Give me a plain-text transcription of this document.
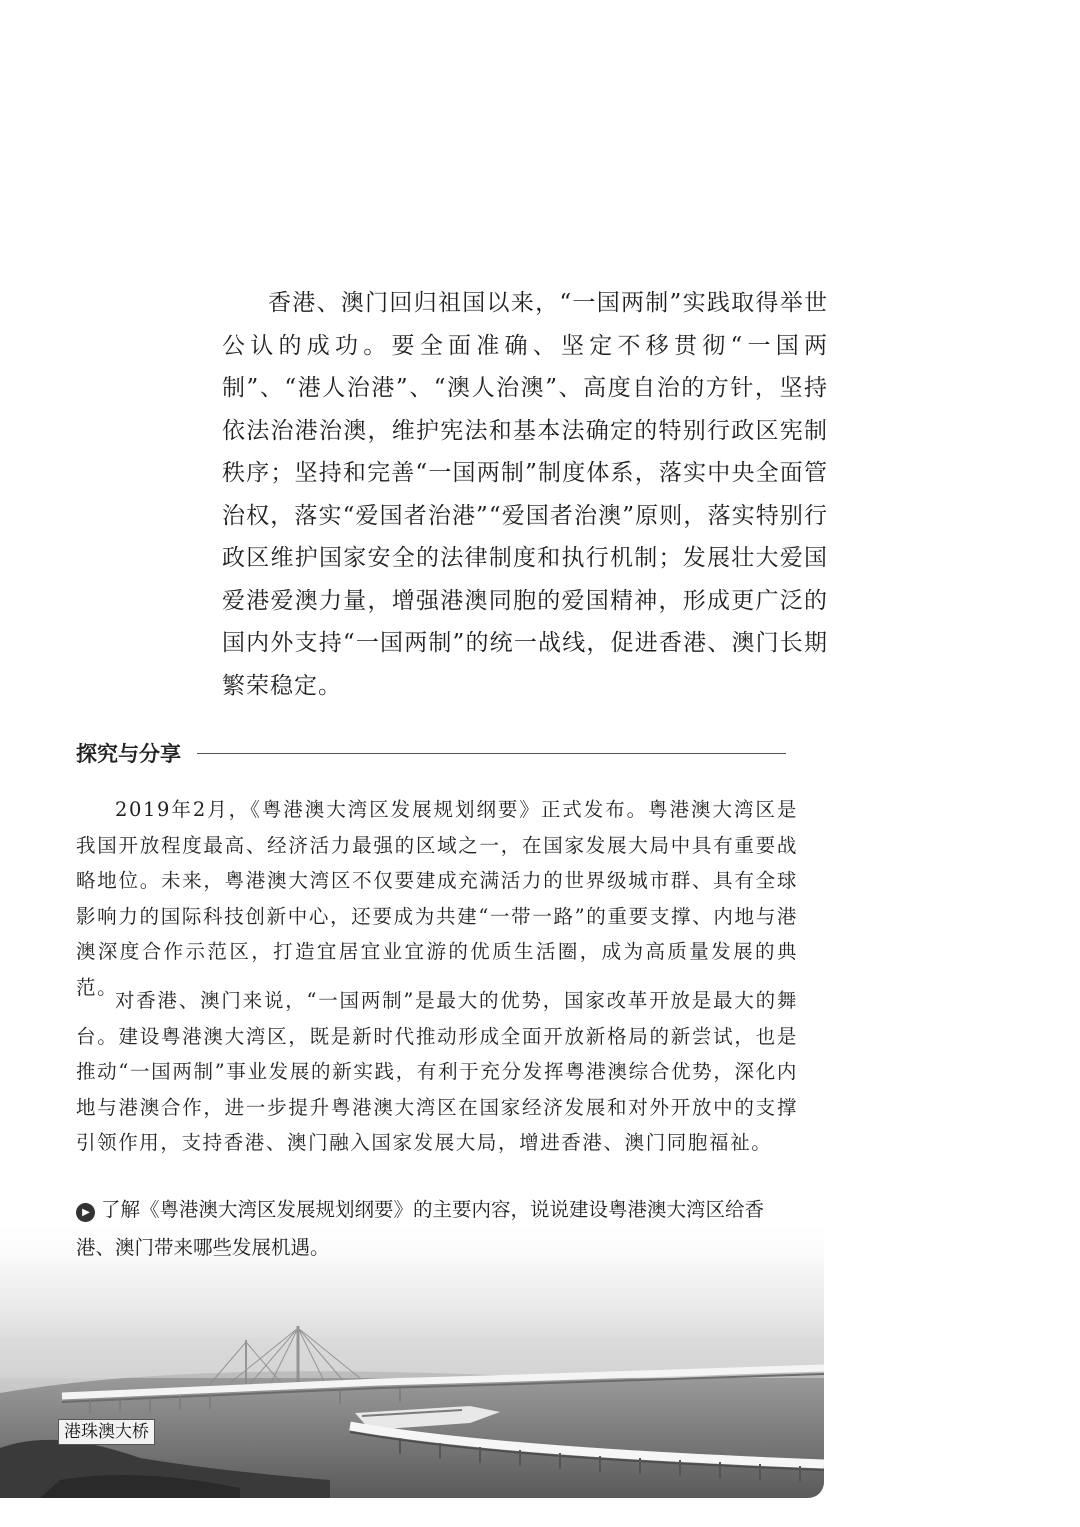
香港、澳门回归祖国以来，“一国两制”实践取得举世公认的成功。要全面准确、坚定不移贯彻“一国两制”、“港人治港”、“澳人治澳”、高度自治的方针，坚持依法治港治澳，维护宪法和基本法确定的特别行政区宪制秩序；坚持和完善“一国两制”制度体系，落实中央全面管治权，落实“爱国者治港”“爱国者治澳”原则，落实特别行政区维护国家安全的法律制度和执行机制；发展壮大爱国爱港爱澳力量，增强港澳同胞的爱国精神，形成更广泛的国内外支持“一国两制”的统一战线，促进香港、澳门长期繁荣稳定。

探究与分享

2019年2月，《粤港澳大湾区发展规划纲要》正式发布。粤港澳大湾区是我国开放程度最高、经济活力最强的区域之一，在国家发展大局中具有重要战略地位。未来，粤港澳大湾区不仅要建成充满活力的世界级城市群、具有全球影响力的国际科技创新中心，还要成为共建“一带一路”的重要支撑、内地与港澳深度合作示范区，打造宜居宜业宜游的优质生活圈，成为高质量发展的典范。

对香港、澳门来说，“一国两制”是最大的优势，国家改革开放是最大的舞台。建设粤港澳大湾区，既是新时代推动形成全面开放新格局的新尝试，也是推动“一国两制”事业发展的新实践，有利于充分发挥粤港澳综合优势，深化内地与港澳合作，进一步提升粤港澳大湾区在国家经济发展和对外开放中的支撑引领作用，支持香港、澳门融入国家发展大局，增进香港、澳门同胞福祉。

港珠澳大桥

▶ 了解《粤港澳大湾区发展规划纲要》的主要内容，说说建设粤港澳大湾区给香港、澳门带来哪些发展机遇。
